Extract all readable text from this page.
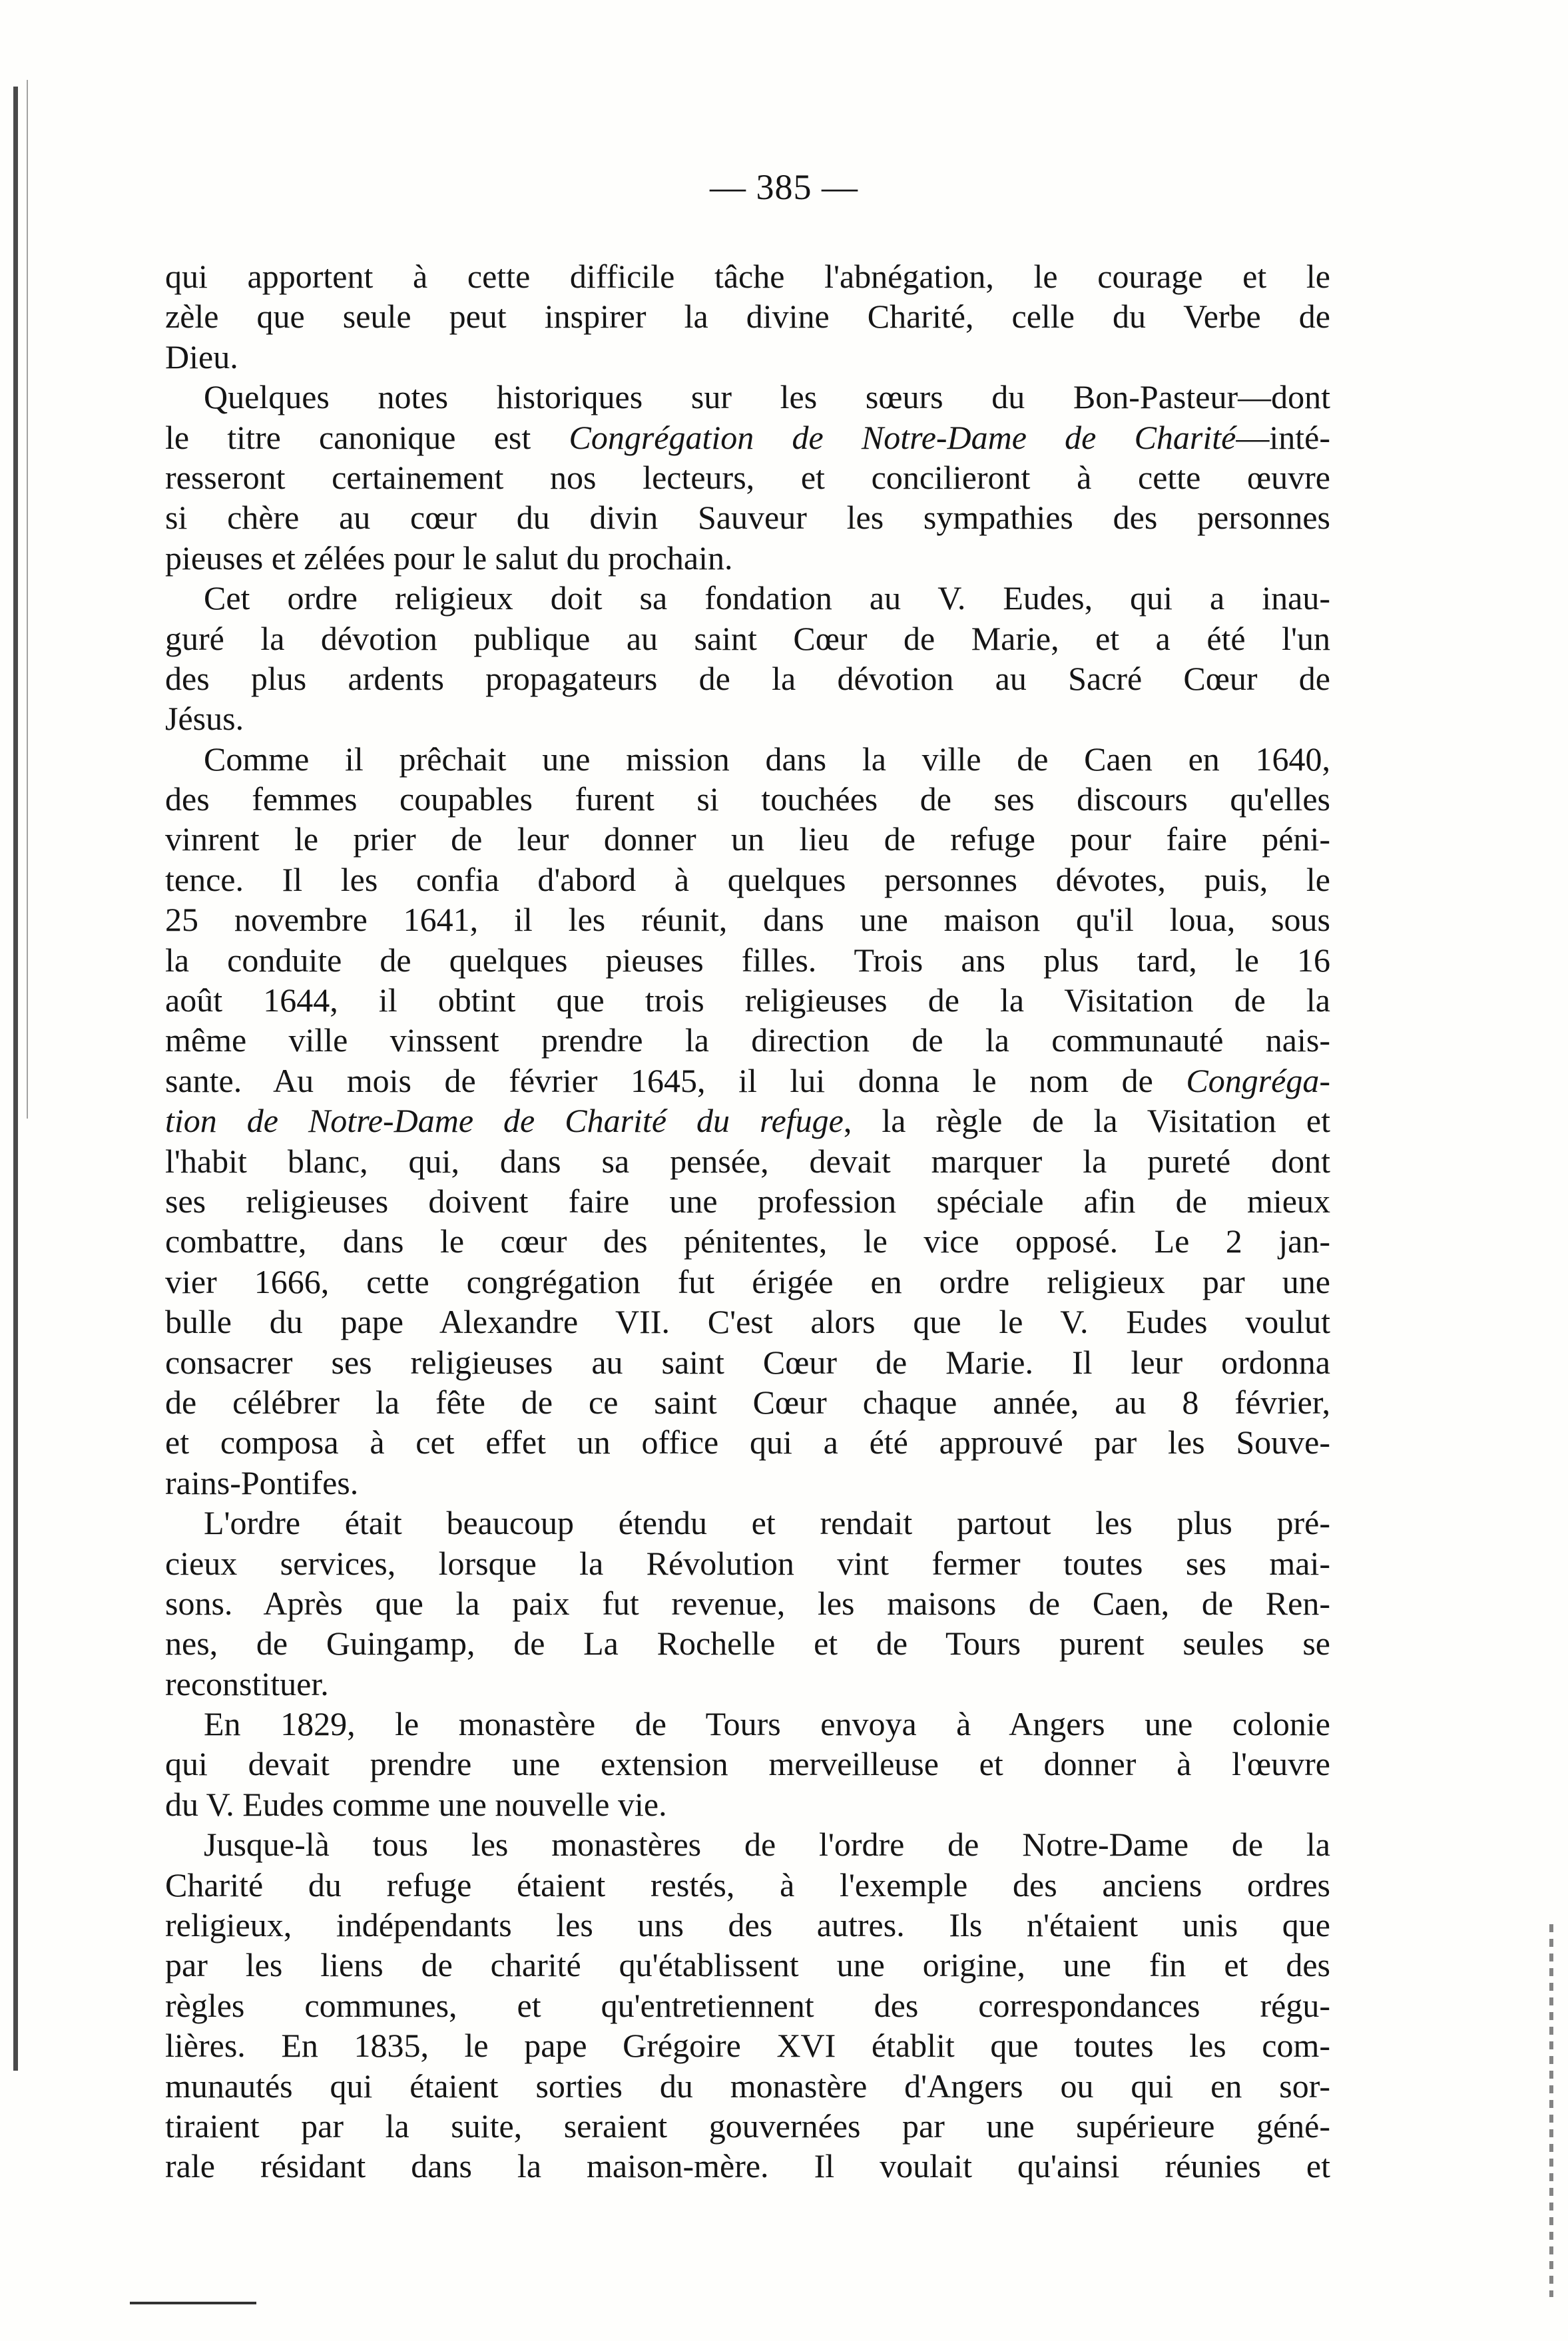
— 385 —
qui apportent à cette difficile tâche l'abnégation, le courage et le
zèle que seule peut inspirer la divine Charité, celle du Verbe de
Dieu.
Quelques notes historiques sur les sœurs du Bon-Pasteur—dont
le titre canonique est Congrégation de Notre-Dame de Charité—inté-
resseront certainement nos lecteurs, et concilieront à cette œuvre
si chère au cœur du divin Sauveur les sympathies des personnes
pieuses et zélées pour le salut du prochain.
Cet ordre religieux doit sa fondation au V. Eudes, qui a inau-
guré la dévotion publique au saint Cœur de Marie, et a été l'un
des plus ardents propagateurs de la dévotion au Sacré Cœur de
Jésus.
Comme il prêchait une mission dans la ville de Caen en 1640,
des femmes coupables furent si touchées de ses discours qu'elles
vinrent le prier de leur donner un lieu de refuge pour faire péni-
tence. Il les confia d'abord à quelques personnes dévotes, puis, le
25 novembre 1641, il les réunit, dans une maison qu'il loua, sous
la conduite de quelques pieuses filles. Trois ans plus tard, le 16
août 1644, il obtint que trois religieuses de la Visitation de la
même ville vinssent prendre la direction de la communauté nais-
sante. Au mois de février 1645, il lui donna le nom de Congréga-
tion de Notre-Dame de Charité du refuge, la règle de la Visitation et
l'habit blanc, qui, dans sa pensée, devait marquer la pureté dont
ses religieuses doivent faire une profession spéciale afin de mieux
combattre, dans le cœur des pénitentes, le vice opposé. Le 2 jan-
vier 1666, cette congrégation fut érigée en ordre religieux par une
bulle du pape Alexandre VII. C'est alors que le V. Eudes voulut
consacrer ses religieuses au saint Cœur de Marie. Il leur ordonna
de célébrer la fête de ce saint Cœur chaque année, au 8 février,
et composa à cet effet un office qui a été approuvé par les Souve-
rains-Pontifes.
L'ordre était beaucoup étendu et rendait partout les plus pré-
cieux services, lorsque la Révolution vint fermer toutes ses mai-
sons. Après que la paix fut revenue, les maisons de Caen, de Ren-
nes, de Guingamp, de La Rochelle et de Tours purent seules se
reconstituer.
En 1829, le monastère de Tours envoya à Angers une colonie
qui devait prendre une extension merveilleuse et donner à l'œuvre
du V. Eudes comme une nouvelle vie.
Jusque-là tous les monastères de l'ordre de Notre-Dame de la
Charité du refuge étaient restés, à l'exemple des anciens ordres
religieux, indépendants les uns des autres. Ils n'étaient unis que
par les liens de charité qu'établissent une origine, une fin et des
règles communes, et qu'entretiennent des correspondances régu-
lières. En 1835, le pape Grégoire XVI établit que toutes les com-
munautés qui étaient sorties du monastère d'Angers ou qui en sor-
tiraient par la suite, seraient gouvernées par une supérieure géné-
rale résidant dans la maison-mère. Il voulait qu'ainsi réunies et
